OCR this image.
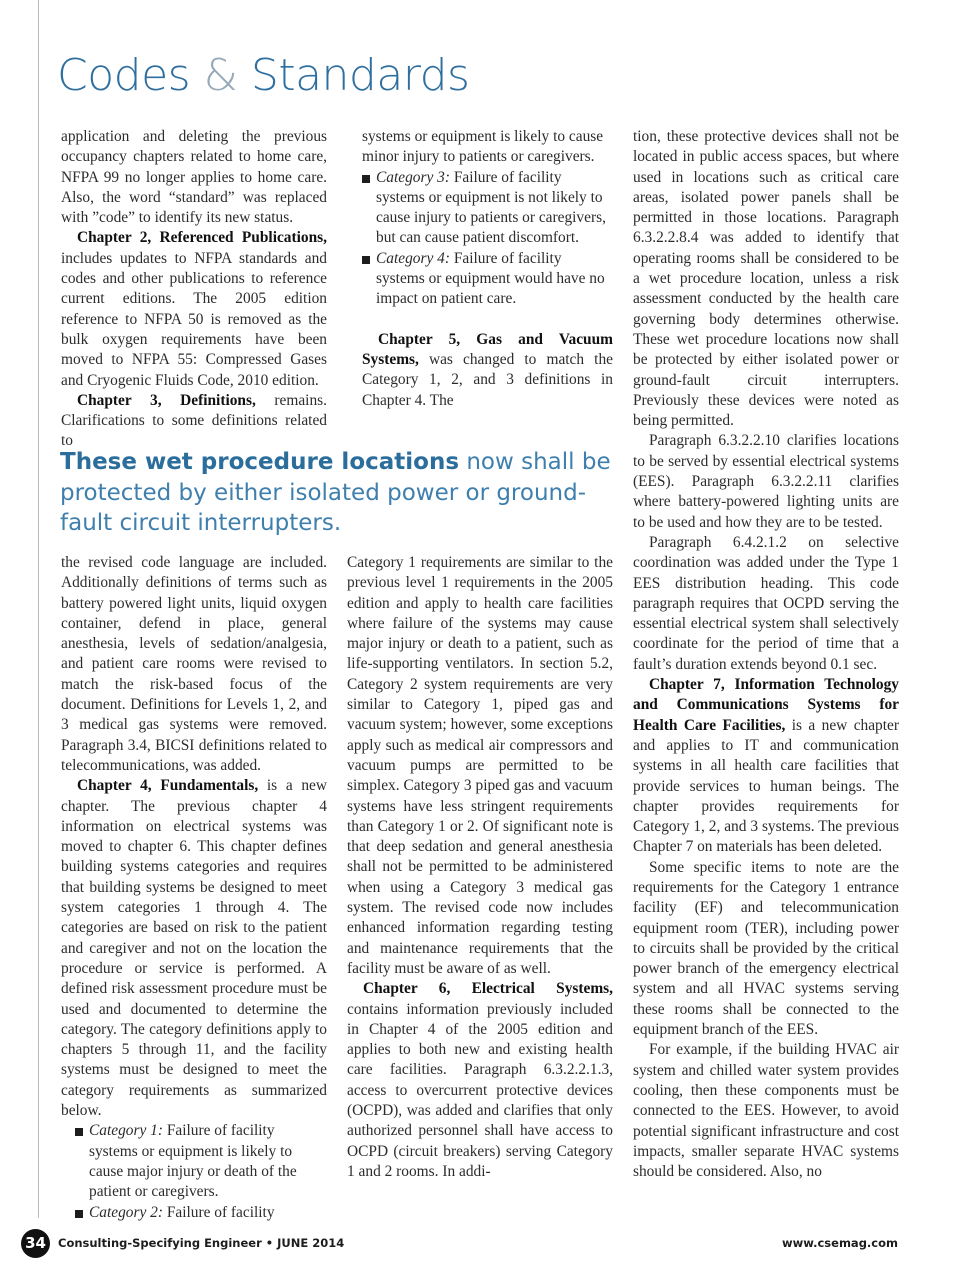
Codes & Standards

application and deleting the previous occupancy chapters related to home care, NFPA 99 no longer applies to home care. Also, the word “standard” was replaced with ”code” to identify its new status.

Chapter 2, Referenced Publications, includes updates to NFPA standards and codes and other publications to reference current editions. The 2005 edition reference to NFPA 50 is removed as the bulk oxygen requirements have been moved to NFPA 55: Compressed Gases and Cryogenic Fluids Code, 2010 edition.

Chapter 3, Definitions, remains. Clarifications to some definitions related to

systems or equipment is likely to cause minor injury to patients or caregivers.

Category 3: Failure of facility systems or equipment is not likely to cause injury to patients or caregivers, but can cause patient discomfort.
Category 4: Failure of facility systems or equipment would have no impact on patient care.

Chapter 5, Gas and Vacuum Systems, was changed to match the Category 1, 2, and 3 definitions in Chapter 4. The

These wet procedure locations now shall be protected by either isolated power or ground-fault circuit interrupters.

the revised code language are included. Additionally definitions of terms such as battery powered light units, liquid oxygen container, defend in place, general anesthesia, levels of sedation/analgesia, and patient care rooms were revised to match the risk-based focus of the document. Definitions for Levels 1, 2, and 3 medical gas systems were removed. Paragraph 3.4, BICSI definitions related to telecommunications, was added.

Chapter 4, Fundamentals, is a new chapter. The previous chapter 4 information on electrical systems was moved to chapter 6. This chapter defines building systems categories and requires that building systems be designed to meet system categories 1 through 4. The categories are based on risk to the patient and caregiver and not on the location the procedure or service is performed. A defined risk assessment procedure must be used and documented to determine the category. The category definitions apply to chapters 5 through 11, and the facility systems must be designed to meet the category requirements as summarized below.

Category 1: Failure of facility systems or equipment is likely to cause major injury or death of the patient or caregivers.
Category 2: Failure of facility

Category 1 requirements are similar to the previous level 1 requirements in the 2005 edition and apply to health care facilities where failure of the systems may cause major injury or death to a patient, such as life-supporting ventilators. In section 5.2, Category 2 system requirements are very similar to Category 1, piped gas and vacuum system; however, some exceptions apply such as medical air compressors and vacuum pumps are permitted to be simplex. Category 3 piped gas and vacuum systems have less stringent requirements than Category 1 or 2. Of significant note is that deep sedation and general anesthesia shall not be permitted to be administered when using a Category 3 medical gas system. The revised code now includes enhanced information regarding testing and maintenance requirements that the facility must be aware of as well.

Chapter 6, Electrical Systems, contains information previously included in Chapter 4 of the 2005 edition and applies to both new and existing health care facilities. Paragraph 6.3.2.2.1.3, access to overcurrent protective devices (OCPD), was added and clarifies that only authorized personnel shall have access to OCPD (circuit breakers) serving Category 1 and 2 rooms. In addi-

tion, these protective devices shall not be located in public access spaces, but where used in locations such as critical care areas, isolated power panels shall be permitted in those locations. Paragraph 6.3.2.2.8.4 was added to identify that operating rooms shall be considered to be a wet procedure location, unless a risk assessment conducted by the health care governing body determines otherwise. These wet procedure locations now shall be protected by either isolated power or ground-fault circuit interrupters. Previously these devices were noted as being permitted.

Paragraph 6.3.2.2.10 clarifies locations to be served by essential electrical systems (EES). Paragraph 6.3.2.2.11 clarifies where battery-powered lighting units are to be used and how they are to be tested.

Paragraph 6.4.2.1.2 on selective coordination was added under the Type 1 EES distribution heading. This code paragraph requires that OCPD serving the essential electrical system shall selectively coordinate for the period of time that a fault’s duration extends beyond 0.1 sec.

Chapter 7, Information Technology and Communications Systems for Health Care Facilities, is a new chapter and applies to IT and communication systems in all health care facilities that provide services to human beings. The chapter provides requirements for Category 1, 2, and 3 systems. The previous Chapter 7 on materials has been deleted.

Some specific items to note are the requirements for the Category 1 entrance facility (EF) and telecommunication equipment room (TER), including power to circuits shall be provided by the critical power branch of the emergency electrical system and all HVAC systems serving these rooms shall be connected to the equipment branch of the EES.

For example, if the building HVAC air system and chilled water system provides cooling, then these components must be connected to the EES. However, to avoid potential significant infrastructure and cost impacts, smaller separate HVAC systems should be considered. Also, no

34	Consulting-Specifying Engineer • JUNE 2014	www.csemag.com
